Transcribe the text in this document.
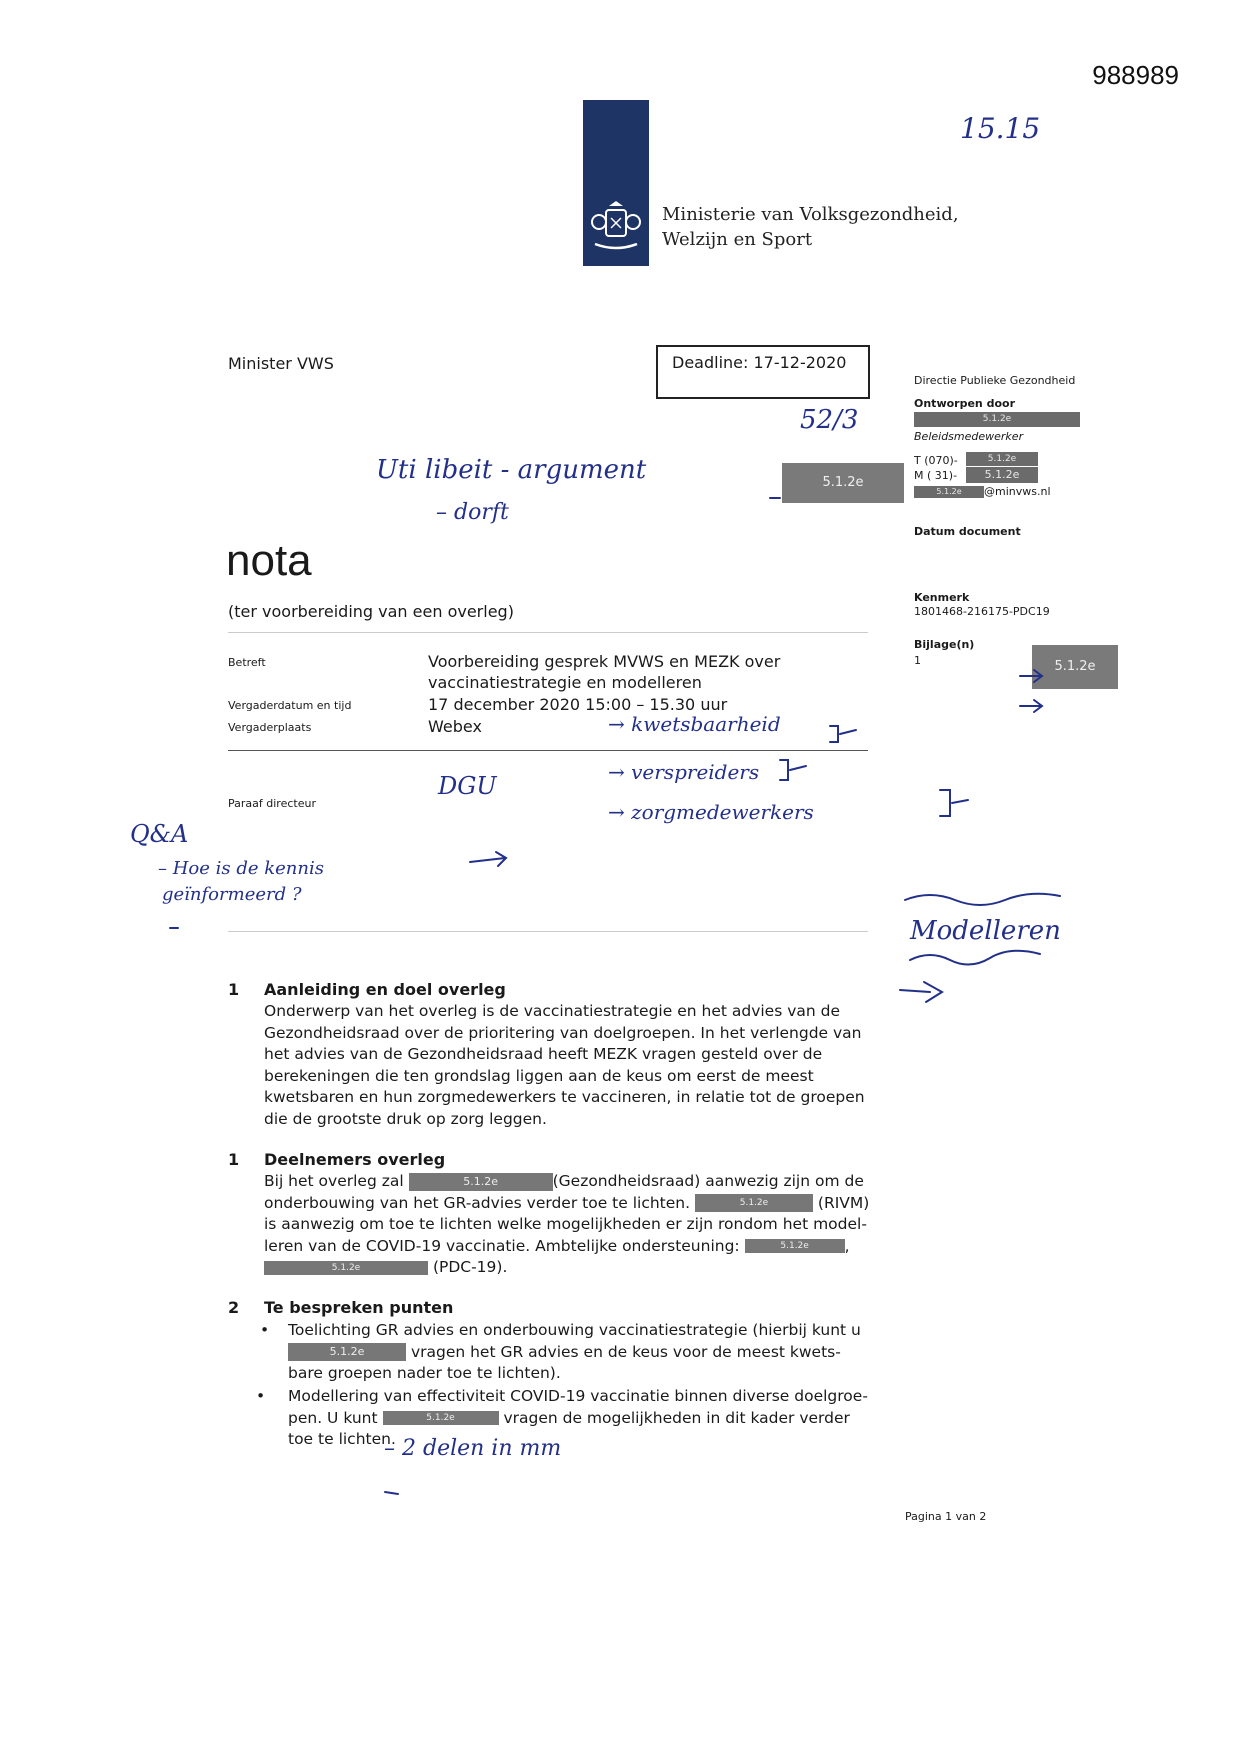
988989
Ministerie van Volksgezondheid,
Welzijn en Sport
Minister VWS	Deadline: 17-12-2020
Directie Publieke Gezondheid
Ontworpen door
5.1.2e
Beleidsmedewerker
T (070)-	5.1.2e
M ( 31)-	5.1.2e
5.1.2e	@minvws.nl
Datum document
Kenmerk
1801468-216175-PDC19
Bijlage(n)
1	5.1.2e
5.1.2e
nota
(ter voorbereiding van een overleg)
Betreft	Voorbereiding gesprek MVWS en MEZK over
vaccinatiestrategie en modelleren
Vergaderdatum en tijd	17 december 2020 15:00 – 15.30 uur
Vergaderplaats	Webex
Paraaf directeur
1 Aanleiding en doel overleg
Onderwerp van het overleg is de vaccinatiestrategie en het advies van de Gezondheidsraad over de prioritering van doelgroepen. In het verlengde van het advies van de Gezondheidsraad heeft MEZK vragen gesteld over de berekeningen die ten grondslag liggen aan de keus om eerst de meest kwetsbaren en hun zorgmedewerkers te vaccineren, in relatie tot de groepen die de grootste druk op zorg leggen.
1 Deelnemers overleg
Bij het overleg zal	5.1.2e	(Gezondheidsraad) aanwezig zijn om de
onderbouwing van het GR-advies verder toe te lichten.	5.1.2e	(RIVM)
is aanwezig om toe te lichten welke mogelijkheden er zijn rondom het model-
leren van de COVID-19 vaccinatie. Ambtelijke ondersteuning:	5.1.2e ,
5.1.2e	(PDC-19).
2 Te bespreken punten
• Toelichting GR advies en onderbouwing vaccinatiestrategie (hierbij kunt u
5.1.2e	vragen het GR advies en de keus voor de meest kwets-
bare groepen nader toe te lichten).
• Modellering van effectiviteit COVID-19 vaccinatie binnen diverse doelgroe-
pen. U kunt	5.1.2e	vragen de mogelijkheden in dit kader verder
toe te lichten.
15.15
52/3
Uti libeit - argument
– dorft
DGU
→ kwetsbaarheid
→ verspreiders
→ zorgmedewerkers
Q&A
– Hoe is de kennis
geïnformeerd ?
Modelleren
– 2 delen in mm
Pagina 1 van 2
